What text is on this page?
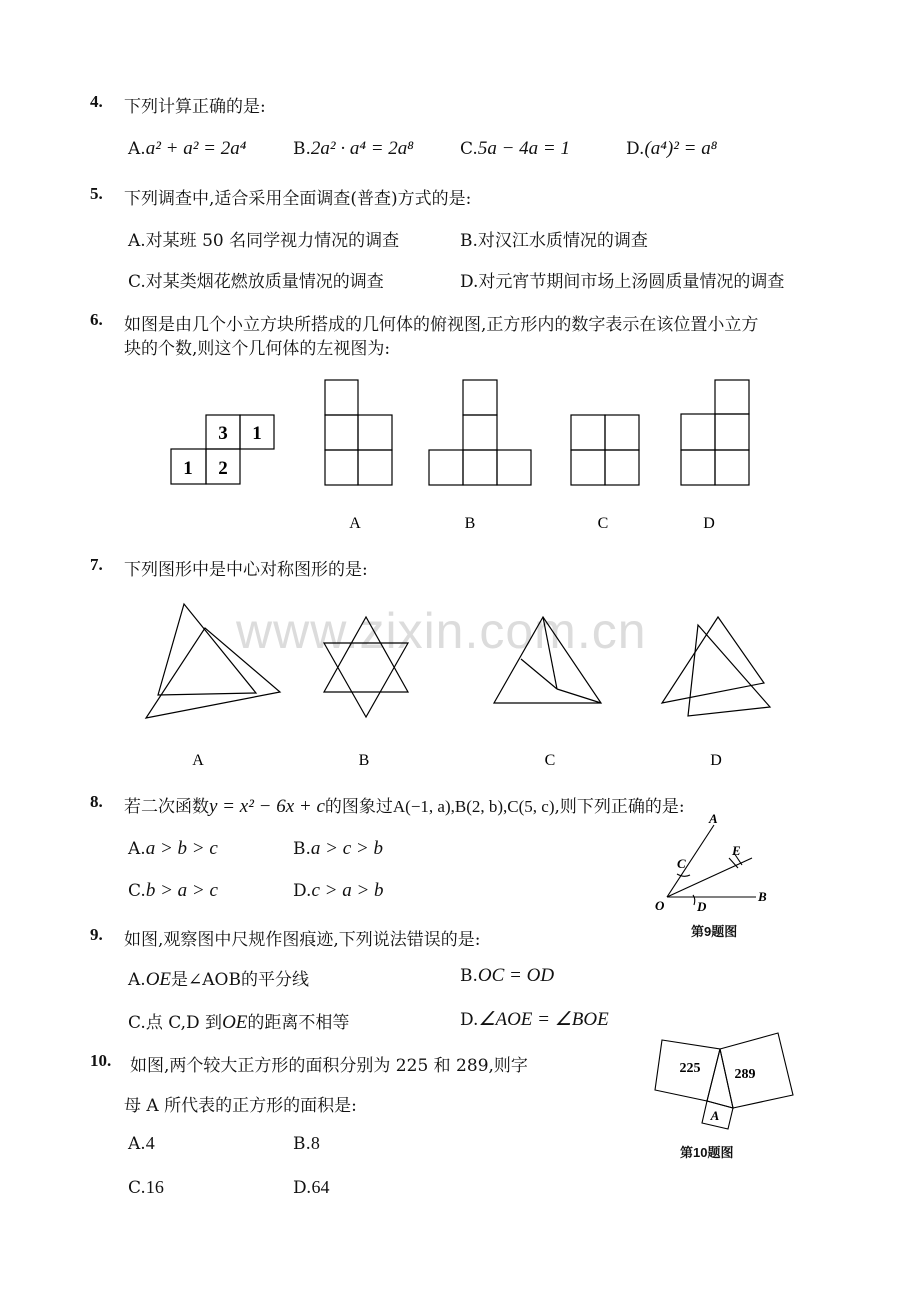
www.zixin.com.cn
4. 下列计算正确的是:
A.a² + a² = 2a⁴	B.2a² · a⁴ = 2a⁸	C.5a − 4a = 1	D.(a⁴)² = a⁸
5. 下列调查中,适合采用全面调查(普查)方式的是:
A.对某班 50 名同学视力情况的调查	B.对汉江水质情况的调查
C.对某类烟花燃放质量情况的调查	D.对元宵节期间市场上汤圆质量情况的调查
6. 如图是由几个小立方块所搭成的几何体的俯视图,正方形内的数字表示在该位置小立方
块的个数,则这个几何体的左视图为:
3 1
1 2
A	B	C	D
7. 下列图形中是中心对称图形的是:
A	B	C	D
8. 若二次函数y = x² − 6x + c的图象过A(−1, a),B(2, b),C(5, c),则下列正确的是:
A.a > b > c	B.a > c > b
C.b > a > c	D.c > a > b
A
C
E
O	D
B
第9题图
9. 如图,观察图中尺规作图痕迹,下列说法错误的是:
A.OE是∠AOB的平分线	B.OC = OD
C.点 C,D 到OE的距离不相等	D.∠AOE = ∠BOE
225 289
A
第10题图
10. 如图,两个较大正方形的面积分别为 225 和 289,则字
母 A 所代表的正方形的面积是:
A.4	B.8
C.16	D.64
